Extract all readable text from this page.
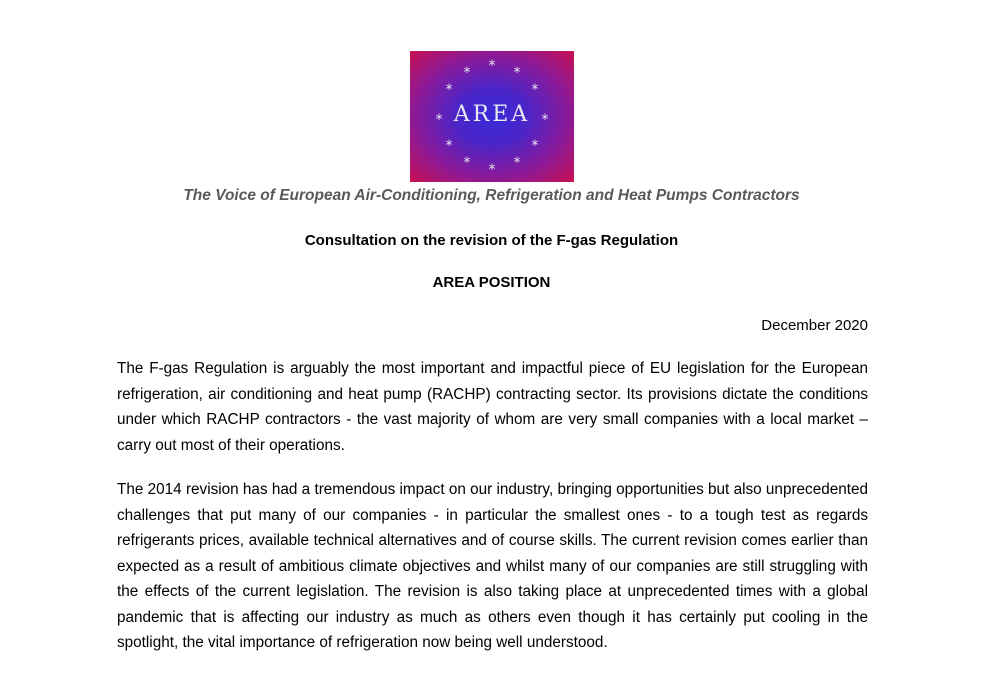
* *
*
*
*
*
*
*
*
*
*	*
AREA
The Voice of European Air-Conditioning, Refrigeration and Heat Pumps Contractors
Consultation on the revision of the F-gas Regulation
AREA POSITION
December 2020

The F-gas Regulation is arguably the most important and impactful piece of EU legislation for the European refrigeration, air conditioning and heat pump (RACHP) contracting sector. Its provisions dictate the conditions under which RACHP contractors - the vast majority of whom are very small companies with a local market – carry out most of their operations.

The 2014 revision has had a tremendous impact on our industry, bringing opportunities but also unprecedented challenges that put many of our companies - in particular the smallest ones - to a tough test as regards refrigerants prices, available technical alternatives and of course skills. The current revision comes earlier than expected as a result of ambitious climate objectives and whilst many of our companies are still struggling with the effects of the current legislation. The revision is also taking place at unprecedented times with a global pandemic that is affecting our industry as much as others even though it has certainly put cooling in the spotlight, the vital importance of refrigeration now being well understood.
